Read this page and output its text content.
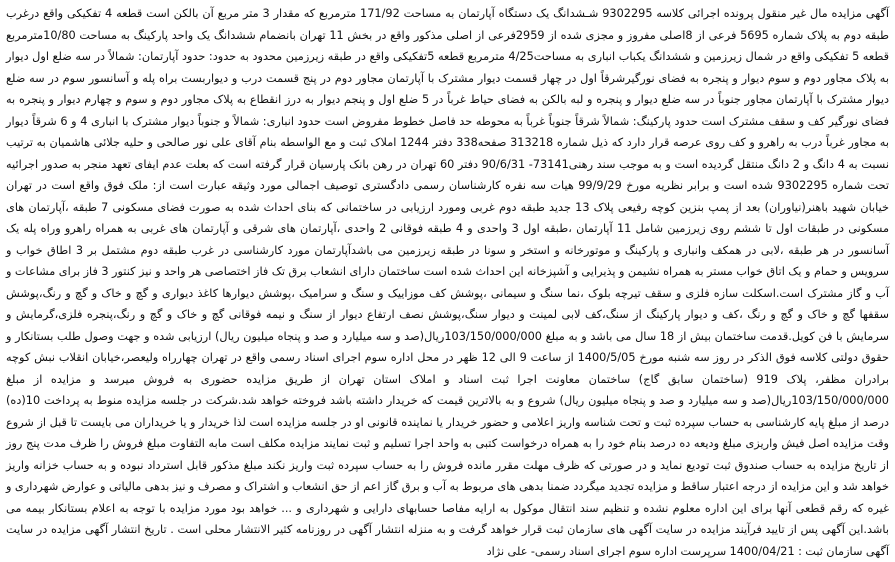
آگهی مزایده مال غیر منقول پرونده اجرائی کلاسه 9302295 شـشدانگ یک دستگاه آپارتمان به مساحت 171/92 مترمربع که مقدار 3 متر مربع آن بالکن است قطعه 4 تفکیکی واقع درغرب طبقه دوم به پلاک شماره 5695 فرعی از 8اصلی مفروز و مجزی شده از 2959فرعی از اصلی مذکور واقع در بخش 11 تهران بانضمام ششدانگ یک واحد پارکینگ به مساحت 10/80مترمربع قطعه 5 تفکیکی واقع در شمال زیرزمین و ششدانگ یکباب انباری به مساحت4/25 مترمربع قطعه 5تفکیکی واقع در طبقه زیرزمین محدود به حدود: حدود آپارتمان: شمالاً در سه ضلع اول دیوار به پلاک مجاور دوم و سوم دیوار و پنجره به فضای نورگیرشرقاً اول در چهار قسمت دیوار مشترک با آپارتمان مجاور دوم در پنج قسمت درب و دیواربست براه پله و آسانسور سوم در سه ضلع دیوار مشترک با آپارتمان مجاور جنوباً در سه ضلع دیوار و پنجره و لبه بالکن به فضای حیاط غرباً در 5 ضلع اول و پنجم دیوار به درز انقطاع به پلاک مجاور دوم و سوم و چهارم دیوار و پنجره به فضای نورگیر کف و سقف مشترک است حدود پارکینگ: شمالاً شرقاً جنوباً غرباً به محوطه حد فاصل خطوط مفروض است حدود انباری: شمالاً و جنوباً دیوار مشترک با انباری 4 و 6 شرقاً دیوار به مجاور غرباً درب به راهرو و کف روی عرصه قرار دارد که ذیل شماره 313218 صفحه338 دفتر 1244 املاک ثبت و مع الواسطه بنام آقای علی نور صالحی و حلیه جلائی هاشمیان به ترتیب نسبت به 4 دانگ و 2 دانگ منتقل گردیده است و به موجب سند رهنی73141- 90/6/31 دفتر 60 تهران در رهن بانک پارسیان قرار گرفته است که بعلت عدم ایفای تعهد منجر به صدور اجرائیه تحت شماره 9302295 شده است و برابر نظریه مورخ 99/9/29 هیات سه نفره کارشناسان رسمی دادگستری توصیف اجمالی مورد وثیقه عبارت است از: ملک فوق واقع است در تهران خیابان شهید باهنر(نیاوران) بعد از پمپ بنزین کوچه رفیعی پلاک 13 جدید طبقه دوم غربی ومورد ارزیابی در ساختمانی که بنای احداث شده به صورت فضای مسکونی 7 طبقه ،آپارتمان های مسکونی در طبقات اول تا ششم روی زیرزمین شامل 11 آپارتمان ،طبقه اول 3 واحدی و 4 طبقه فوقانی 2 واحدی ،آپارتمان های شرقی و آپارتمان های غربی به همراه راهرو وراه پله یک آسانسور در هر طبقه ،لابی در همکف وانباری و پارکینگ و موتورخانه و استخر و سونا در طبقه زیرزمین می باشدآپارتمان مورد کارشناسی در غرب طبقه دوم مشتمل بر 3 اطاق خواب و سرویس و حمام و یک اتاق خواب مستر به همراه نشیمن و پذیرایی و آشپزخانه این احداث شده است ساختمان دارای انشعاب برق تک فاز اختصاصی هر واحد و نیز کنتور 3 فاز برای مشاعات و آب و گاز مشترک است.اسکلت سازه فلزی و سقف تیرچه بلوک ،نما سنگ و سیمانی ،پوشش کف موزاییک و سنگ و سرامیک ،پوشش دیوارها کاغذ دیواری و گچ و خاک و گچ و رنگ،پوشش سقفها گچ و خاک و گچ و رنگ ،کف و دیوار پارکینگ از سنگ،کف لابی لمینت و دیوار سنگ،پوشش نصف ارتفاع دیوار از سنگ و نیمه فوقانی گچ و خاک و گچ و رنگ،پنجره فلزی،گرمایش و سرمایش با فن کویل.قدمت ساختمان بیش از 18 سال می باشد و به مبلغ 103/150/000/000ریال(صد و سه میلیارد و صد و پنجاه میلیون ریال) ارزیابی شده و جهت وصول طلب بستانکار و حقوق دولتی کلاسه فوق الذکر در روز سه شنبه مورخ 1400/5/05 از ساعت 9 الی 12 ظهر در محل اداره سوم اجرای اسناد رسمی واقع در تهران چهارراه ولیعصر،خیابان انقلاب نبش کوچه برادران مظفر، پلاک 919 (ساختمان سابق گاج) ساختمان معاونت اجرا ثبت اسناد و املاک استان تهران از طریق مزایده حضوری به فروش میرسد و مزایده از مبلغ 103/150/000/000ریال(صد و سه میلیارد و صد و پنجاه میلیون ریال) شروع و به بالاترین قیمت که خریدار داشته باشد فروخته خواهد شد.شرکت در جلسه مزایده منوط به پرداخت 10(ده) درصد از مبلغ پایه کارشناسی به حساب سپرده ثبت و تحت شناسه واریز اعلامی و حضور خریدار یا نماینده قانونی او در جلسه مزایده است لذا خریدار و یا خریداران می بایست تا قبل از شروع وقت مزایده اصل فیش واریزی مبلغ ودیعه ده درصد بنام خود را به همراه درخواست کتبی به واحد اجرا تسلیم و ثبت نمایند مزایده مکلف است مابه التفاوت مبلغ فروش را ظرف مدت پنج روز از تاریخ مزایده به حساب صندوق ثبت تودیع نماید و در صورتی که ظرف مهلت مقرر مانده فروش را به حساب سپرده ثبت واریز نکند مبلغ مذکور قابل استرداد نبوده و به حساب خزانه واریز خواهد شد و این مزایده از درجه اعتبار ساقط و مزایده تجدید میگردد ضمنا بدهی های مربوط به آب و برق گاز اعم از حق انشعاب و اشتراک و مصرف و نیز بدهی مالیاتی و عوارض شهرداری و غیره که رقم قطعی آنها برای این اداره معلوم نشده و تنظیم سند انتقال موکول به ارایه مفاصا حسابهای دارایی و شهرداری و ... خواهد بود مورد مزایده با توجه به اعلام بستانکار بیمه می باشد.این آگهی پس از تایید فرآیند مزایده در سایت آگهی های سازمان ثبت قرار خواهد گرفت و به منزله انتشار آگهی در روزنامه کثیر الانتشار محلی است . تاریخ انتشار آگهی مزایده در سایت آگهی سازمان ثبت : 1400/04/21 سرپرست اداره سوم اجرای اسناد رسمی- علی نژاد
